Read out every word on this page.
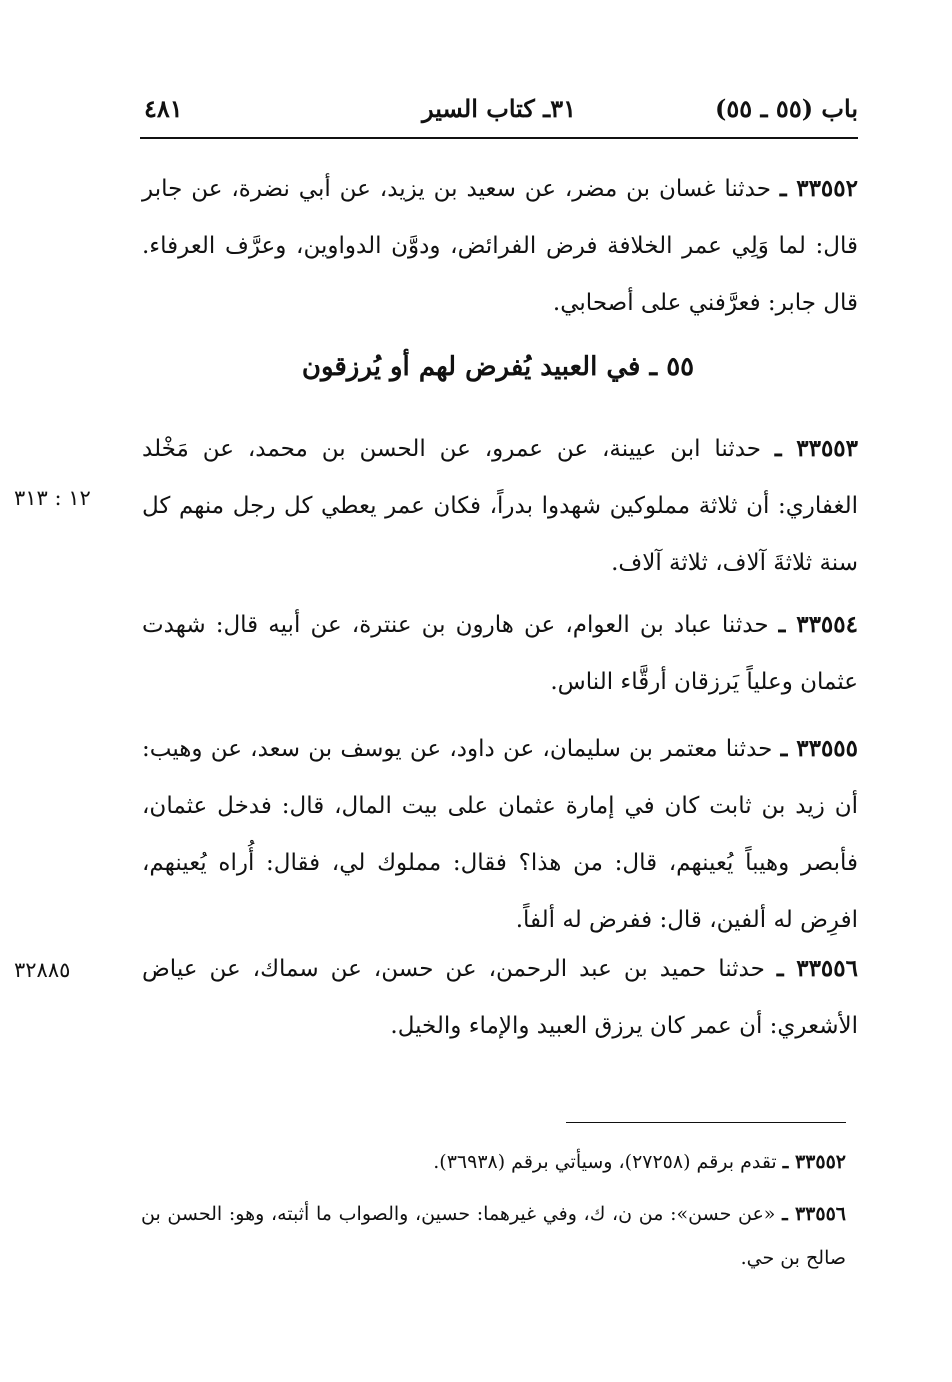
باب (٥٥ ـ ٥٥)
٣١ـ كتاب السير
٤٨١
٣٣٥٥٢ ـ حدثنا غسان بن مضر، عن سعيد بن يزيد، عن أبي نضرة، عن جابر قال: لما وَلِي عمر الخلافة فرض الفرائض، ودوَّن الدواوين، وعرَّف العرفاء. قال جابر: فعرَّفني على أصحابي.
٥٥ ـ في العبيد يُفرض لهم أو يُرزقون
٣٣٥٥٣ ـ حدثنا ابن عيينة، عن عمرو، عن الحسن بن محمد، عن مَخْلد الغفاري: أن ثلاثة مملوكين شهدوا بدراً، فكان عمر يعطي كل رجل منهم كل سنة ثلاثةَ آلاف، ثلاثة آلاف.
١٢ : ٣١٣
٣٣٥٥٤ ـ حدثنا عباد بن العوام، عن هارون بن عنترة، عن أبيه قال: شهدت عثمان وعلياً يَرزقان أرقَّاء الناس.
٣٣٥٥٥ ـ حدثنا معتمر بن سليمان، عن داود، عن يوسف بن سعد، عن وهيب: أن زيد بن ثابت كان في إمارة عثمان على بيت المال، قال: فدخل عثمان، فأبصر وهيباً يُعينهم، قال: من هذا؟ فقال: مملوك لي، فقال: أُراه يُعينهم، افرِض له ألفين، قال: ففرض له ألفاً.
٣٣٥٥٦ ـ حدثنا حميد بن عبد الرحمن، عن حسن، عن سماك، عن عياض الأشعري: أن عمر كان يرزق العبيد والإماء والخيل.
٣٢٨٨٥
٣٣٥٥٢ ـ تقدم برقم (٢٧٢٥٨)، وسيأتي برقم (٣٦٩٣٨).
٣٣٥٥٦ ـ «عن حسن»: من ن، ك، وفي غيرهما: حسين، والصواب ما أثبته، وهو: الحسن بن صالح بن حي.
